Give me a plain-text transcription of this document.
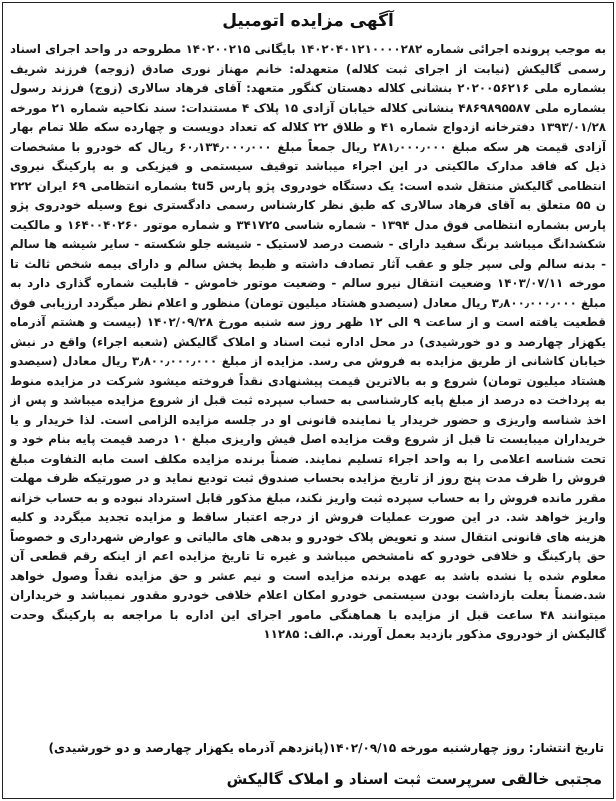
آگهی مزایده اتومبیل
به موجب پرونده اجرائی شماره ۱۴۰۲۰۴۰۱۲۱۰۰۰۰۲۸۲ بایگانی ۱۴۰۲۰۰۲۱۵ مطروحه در واحد اجرای اسناد رسمی گالیکش (نیابت از اجرای ثبت کلاله) متعهدله: خانم مهناز نوری صادق (زوجه) فرزند شریف بشماره ملی ۲۰۲۰۰۵۶۲۱۶ بنشانی کلاله دهستان کنگور متعهد: آقای فرهاد سالاری (زوج) فرزند رسول بشماره ملی ۴۸۶۹۸۹۵۵۸۷ بنشانی کلاله خیابان آزادی ۱۵ پلاک ۴ مستندات: سند نکاحیه شماره ۲۱ مورخه ۱۳۹۳/۰۱/۲۸ دفترخانه ازدواج شماره ۴۱ و طلاق ۲۲ کلاله که تعداد دویست و چهارده سکه طلا تمام بهار آزادی قیمت هر سکه مبلغ ۲۸۱٫۰۰۰٫۰۰۰ ریال جمعاً مبلغ ۶۰٫۱۳۴٫۰۰۰٫۰۰۰ ریال که خودرو با مشخصات ذیل که فاقد مدارک مالکیتی در این اجراء میباشد توقیف سیستمی و فیزیکی و به پارکینگ نیروی انتظامی گالیکش منتقل شده است: یک دستگاه خودروی پژو پارس tu5 بشماره انتظامی ۶۹ ایران ۲۲۲ ن ۵۵ متعلق به آقای فرهاد سالاری که طبق نظر کارشناس رسمی دادگستری نوع وسیله خودروی پژو پارس بشماره انتظامی فوق مدل ۱۳۹۴ - شماره شاسی ۳۴۱۷۲۵ و شماره موتور ۱۶۴۰۰۴۰۲۶۰ و مالکیت شکشدانگ میباشد برنگ سفید دارای - شصت درصد لاستیک - شیشه جلو شکسته - سایر شیشه ها سالم - بدنه سالم ولی سپر جلو و عقب آثار تصادف داشته و ظبط پخش سالم و دارای بیمه شخص ثالث تا مورخه ۱۴۰۳/۰۷/۱۱ وضعیت انتقال نیرو سالم - وضعیت موتور خاموش - قابلیت شماره گذاری دارد به مبلغ ۳٫۸۰۰٫۰۰۰٫۰۰۰ ریال معادل (سیصدو هشتاد میلیون تومان) منظور و اعلام نظر میگردد ارزیابی فوق قطعیت یافته است و از ساعت ۹ الی ۱۲ ظهر روز سه شنبه مورخ ۱۴۰۲/۰۹/۲۸ (بیست و هشتم آذرماه یکهزار چهارصد و دو خورشیدی) در محل اداره ثبت اسناد و املاک گالیکش (شعبه اجراء) واقع در نبش خیابان کاشانی از طریق مزایده به فروش می رسد. مزایده از مبلغ ۳٫۸۰۰٫۰۰۰٫۰۰۰ ریال معادل (سیصدو هشتاد میلیون تومان) شروع و به بالاترین قیمت پیشنهادی نقداً فروخته میشود شرکت در مزایده منوط به پرداخت ده درصد از مبلغ پایه کارشناسی به حساب سپرده ثبت قبل از شروع مزایده میباشد و پس از اخذ شناسه واریزی و حضور خریدار یا نماینده قانونی او در جلسه مزایده الزامی است. لذا خریدار و یا خریداران میبایست تا قبل از شروع وقت مزایده اصل فیش واریزی مبلغ ۱۰ درصد قیمت پایه بنام خود و تحت شناسه اعلامی را به واحد اجراء تسلیم نمایند. ضمناً برنده مزایده مکلف است مابه التفاوت مبلغ فروش را ظرف مدت پنج روز از تاریخ مزایده بحساب صندوق ثبت تودیع نماید و در صورتیکه ظرف مهلت مقرر مانده فروش را به حساب سپرده ثبت واریز نکند، مبلغ مذکور قابل استرداد نبوده و به حساب خزانه واریز خواهد شد. در این صورت عملیات فروش از درجه اعتبار ساقط و مزایده تجدید میگردد و کلیه هزینه های قانونی انتقال سند و تعویض پلاک خودرو و بدهی های مالیاتی و عوارض شهرداری و خصوصاً حق پارکینگ و خلافی خودرو که نامشخص میباشد و غیره تا تاریخ مزایده اعم از اینکه رقم قطعی آن معلوم شده یا نشده باشد به عهده برنده مزایده است و نیم عشر و حق مزایده نقداً وصول خواهد شد.ضمناً بعلت بازداشت بودن سیستمی خودرو امکان اعلام خلافی خودرو مقدور نمیباشد و خریداران میتوانند ۴۸ ساعت قبل از مزایده با هماهنگی مامور اجرای این اداره با مراجعه به پارکینگ وحدت گالیکش از خودروی مذکور بازدید بعمل آورند. م.الف: ۱۱۲۸۵
تاریخ انتشار: روز چهارشنبه مورخه ۱۴۰۲/۰۹/۱۵(پانزدهم آذرماه یکهزار چهارصد و دو خورشیدی)
مجتبی خالقی سرپرست ثبت اسناد و املاک گالیکش
